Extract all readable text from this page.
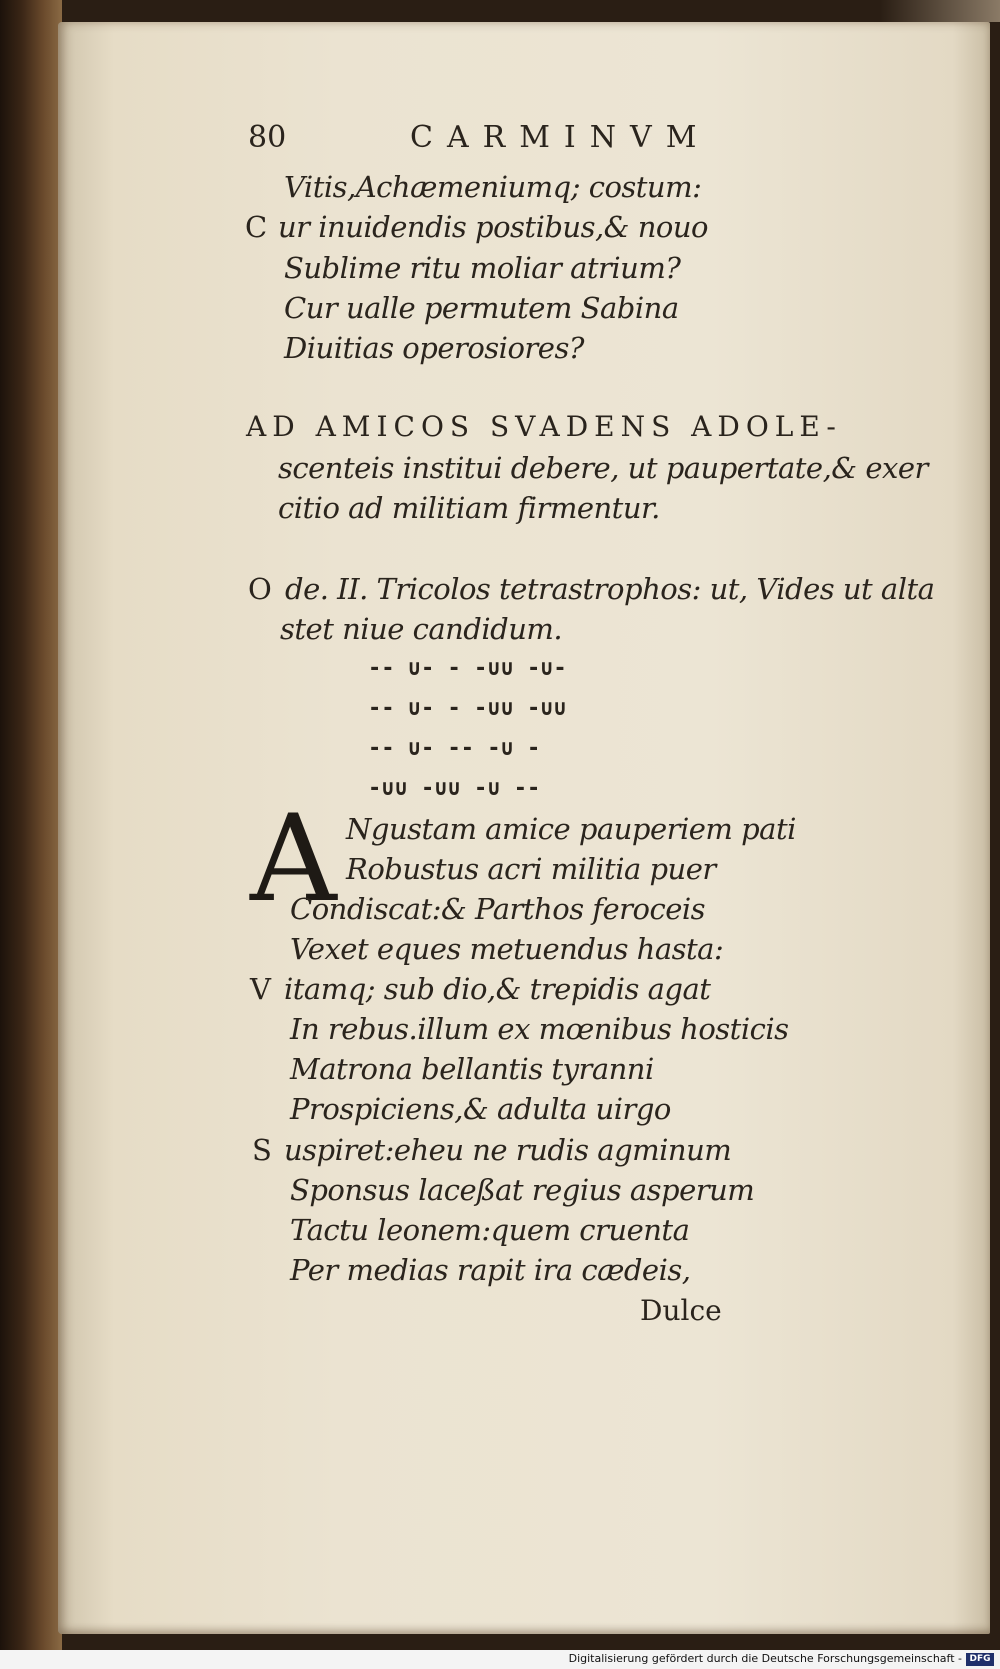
80	CARMINVM
Vitis,Achæmeniumq; costum:
C ur inuidendis postibus,& nouo
Sublime ritu moliar atrium?
Cur ualle permutem Sabina
Diuitias operosiores?
AD AMICOS SVADENS ADOLE-
scenteis institui debere, ut paupertate,& exer
citio ad militiam firmentur.
O de. II. Tricolos tetrastrophos: ut, Vides ut alta
stet niue candidum.
-- ∪- - -∪∪ -∪-
-- ∪- - -∪∪ -∪∪
-- ∪- -- -∪ -
-∪∪ -∪∪ -∪ --
A Ngustam amice pauperiem pati
Robustus acri militia puer
Condiscat:& Parthos feroceis
Vexet eques metuendus hasta:
V itamq; sub dio,& trepidis agat
In rebus.illum ex mœnibus hosticis
Matrona bellantis tyranni
Prospiciens,& adulta uirgo
S uspiret:eheu ne rudis agminum
Sponsus laceßat regius asperum
Tactu leonem:quem cruenta
Per medias rapit ira cædeis,
Dulce
Digitalisierung gefördert durch die Deutsche Forschungsgemeinschaft - DFG
